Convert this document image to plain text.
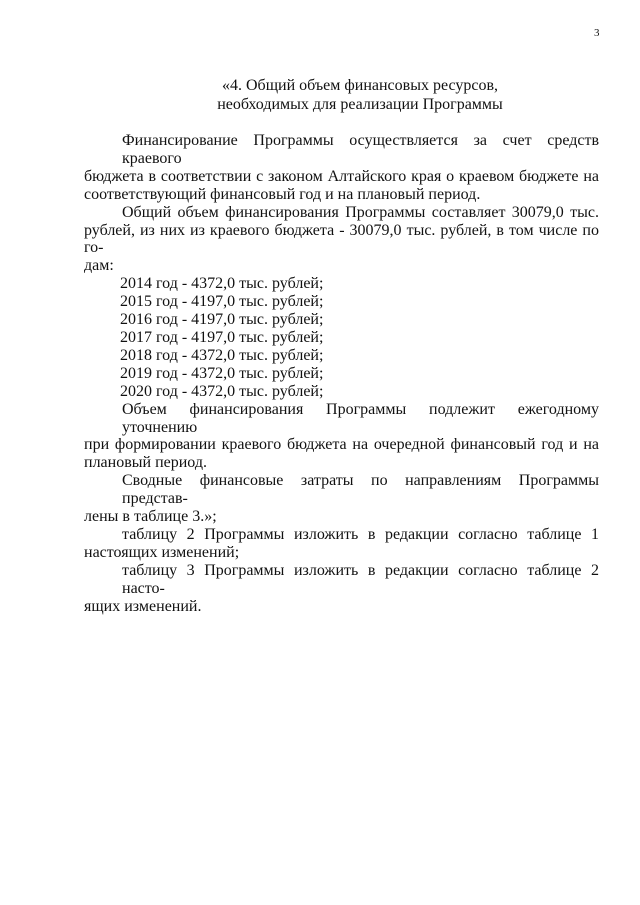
3
«4. Общий объем финансовых ресурсов,
необходимых для реализации Программы
Финансирование Программы осуществляется за счет средств краевого
бюджета в соответствии с законом Алтайского края о краевом бюджете на
соответствующий финансовый год и на плановый период.
Общий объем финансирования Программы составляет 30079,0 тыс.
рублей, из них из краевого бюджета - 30079,0 тыс. рублей, в том числе по го-
дам:
2014 год - 4372,0 тыс. рублей;
2015 год - 4197,0 тыс. рублей;
2016 год - 4197,0 тыс. рублей;
2017 год - 4197,0 тыс. рублей;
2018 год - 4372,0 тыс. рублей;
2019 год - 4372,0 тыс. рублей;
2020 год - 4372,0 тыс. рублей;
Объем финансирования Программы подлежит ежегодному уточнению
при формировании краевого бюджета на очередной финансовый год и на
плановый период.
Сводные финансовые затраты по направлениям Программы представ-
лены в таблице 3.»;
таблицу 2 Программы изложить в редакции согласно таблице 1
настоящих изменений;
таблицу 3 Программы изложить в редакции согласно таблице 2 насто-
ящих изменений.
